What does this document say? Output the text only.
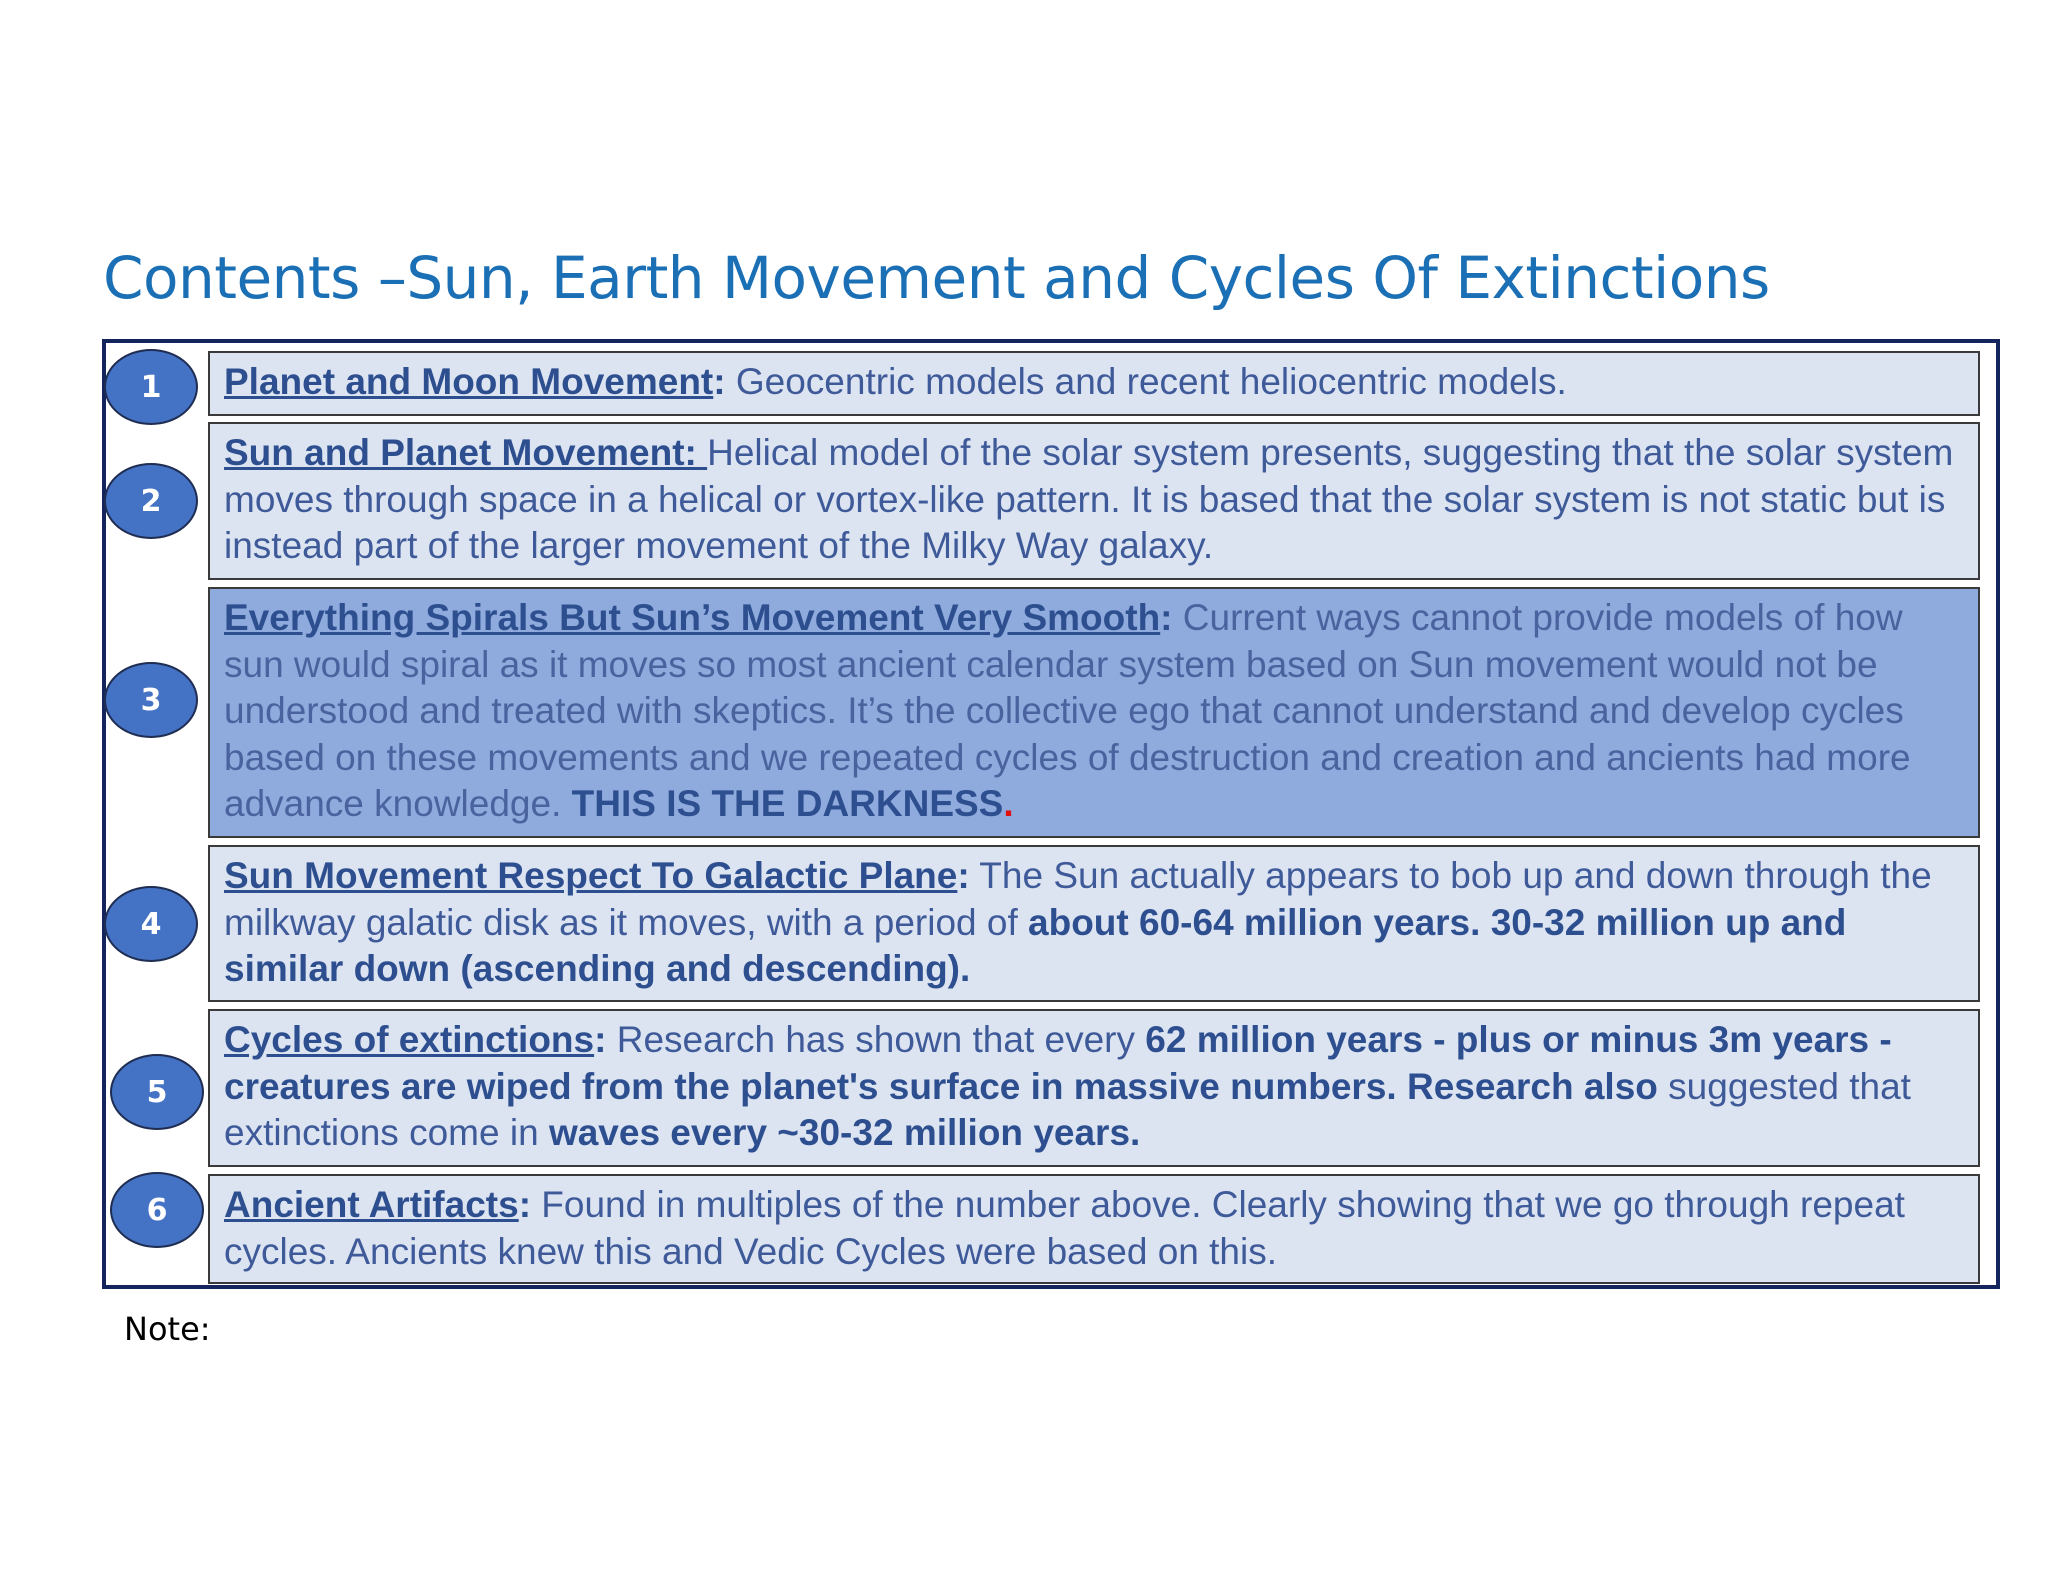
Contents –Sun, Earth Movement and Cycles Of Extinctions
1	Planet and Moon Movement: Geocentric models and recent heliocentric models.
2
Sun and Planet Movement: Helical model of the solar system presents, suggesting that the solar system moves through space in a helical or vortex-like pattern. It is based that the solar system is not static but is instead part of the larger movement of the Milky Way galaxy.
3
Everything Spirals But Sun’s Movement Very Smooth: Current ways cannot provide models of how sun would spiral as it moves so most ancient calendar system based on Sun movement would not be understood and treated with skeptics. It’s the collective ego that cannot understand and develop cycles based on these movements and we repeated cycles of destruction and creation and ancients had more advance knowledge. THIS IS THE DARKNESS.
4
Sun Movement Respect To Galactic Plane: The Sun actually appears to bob up and down through the milkway galatic disk as it moves, with a period of about 60-64 million years. 30-32 million up and similar down (ascending and descending).
5
Cycles of extinctions: Research has shown that every 62 million years - plus or minus 3m years - creatures are wiped from the planet's surface in massive numbers. Research also suggested that extinctions come in waves every ~30-32 million years.
6	Ancient Artifacts: Found in multiples of the number above. Clearly showing that we go through repeat cycles. Ancients knew this and Vedic Cycles were based on this.
Note:
